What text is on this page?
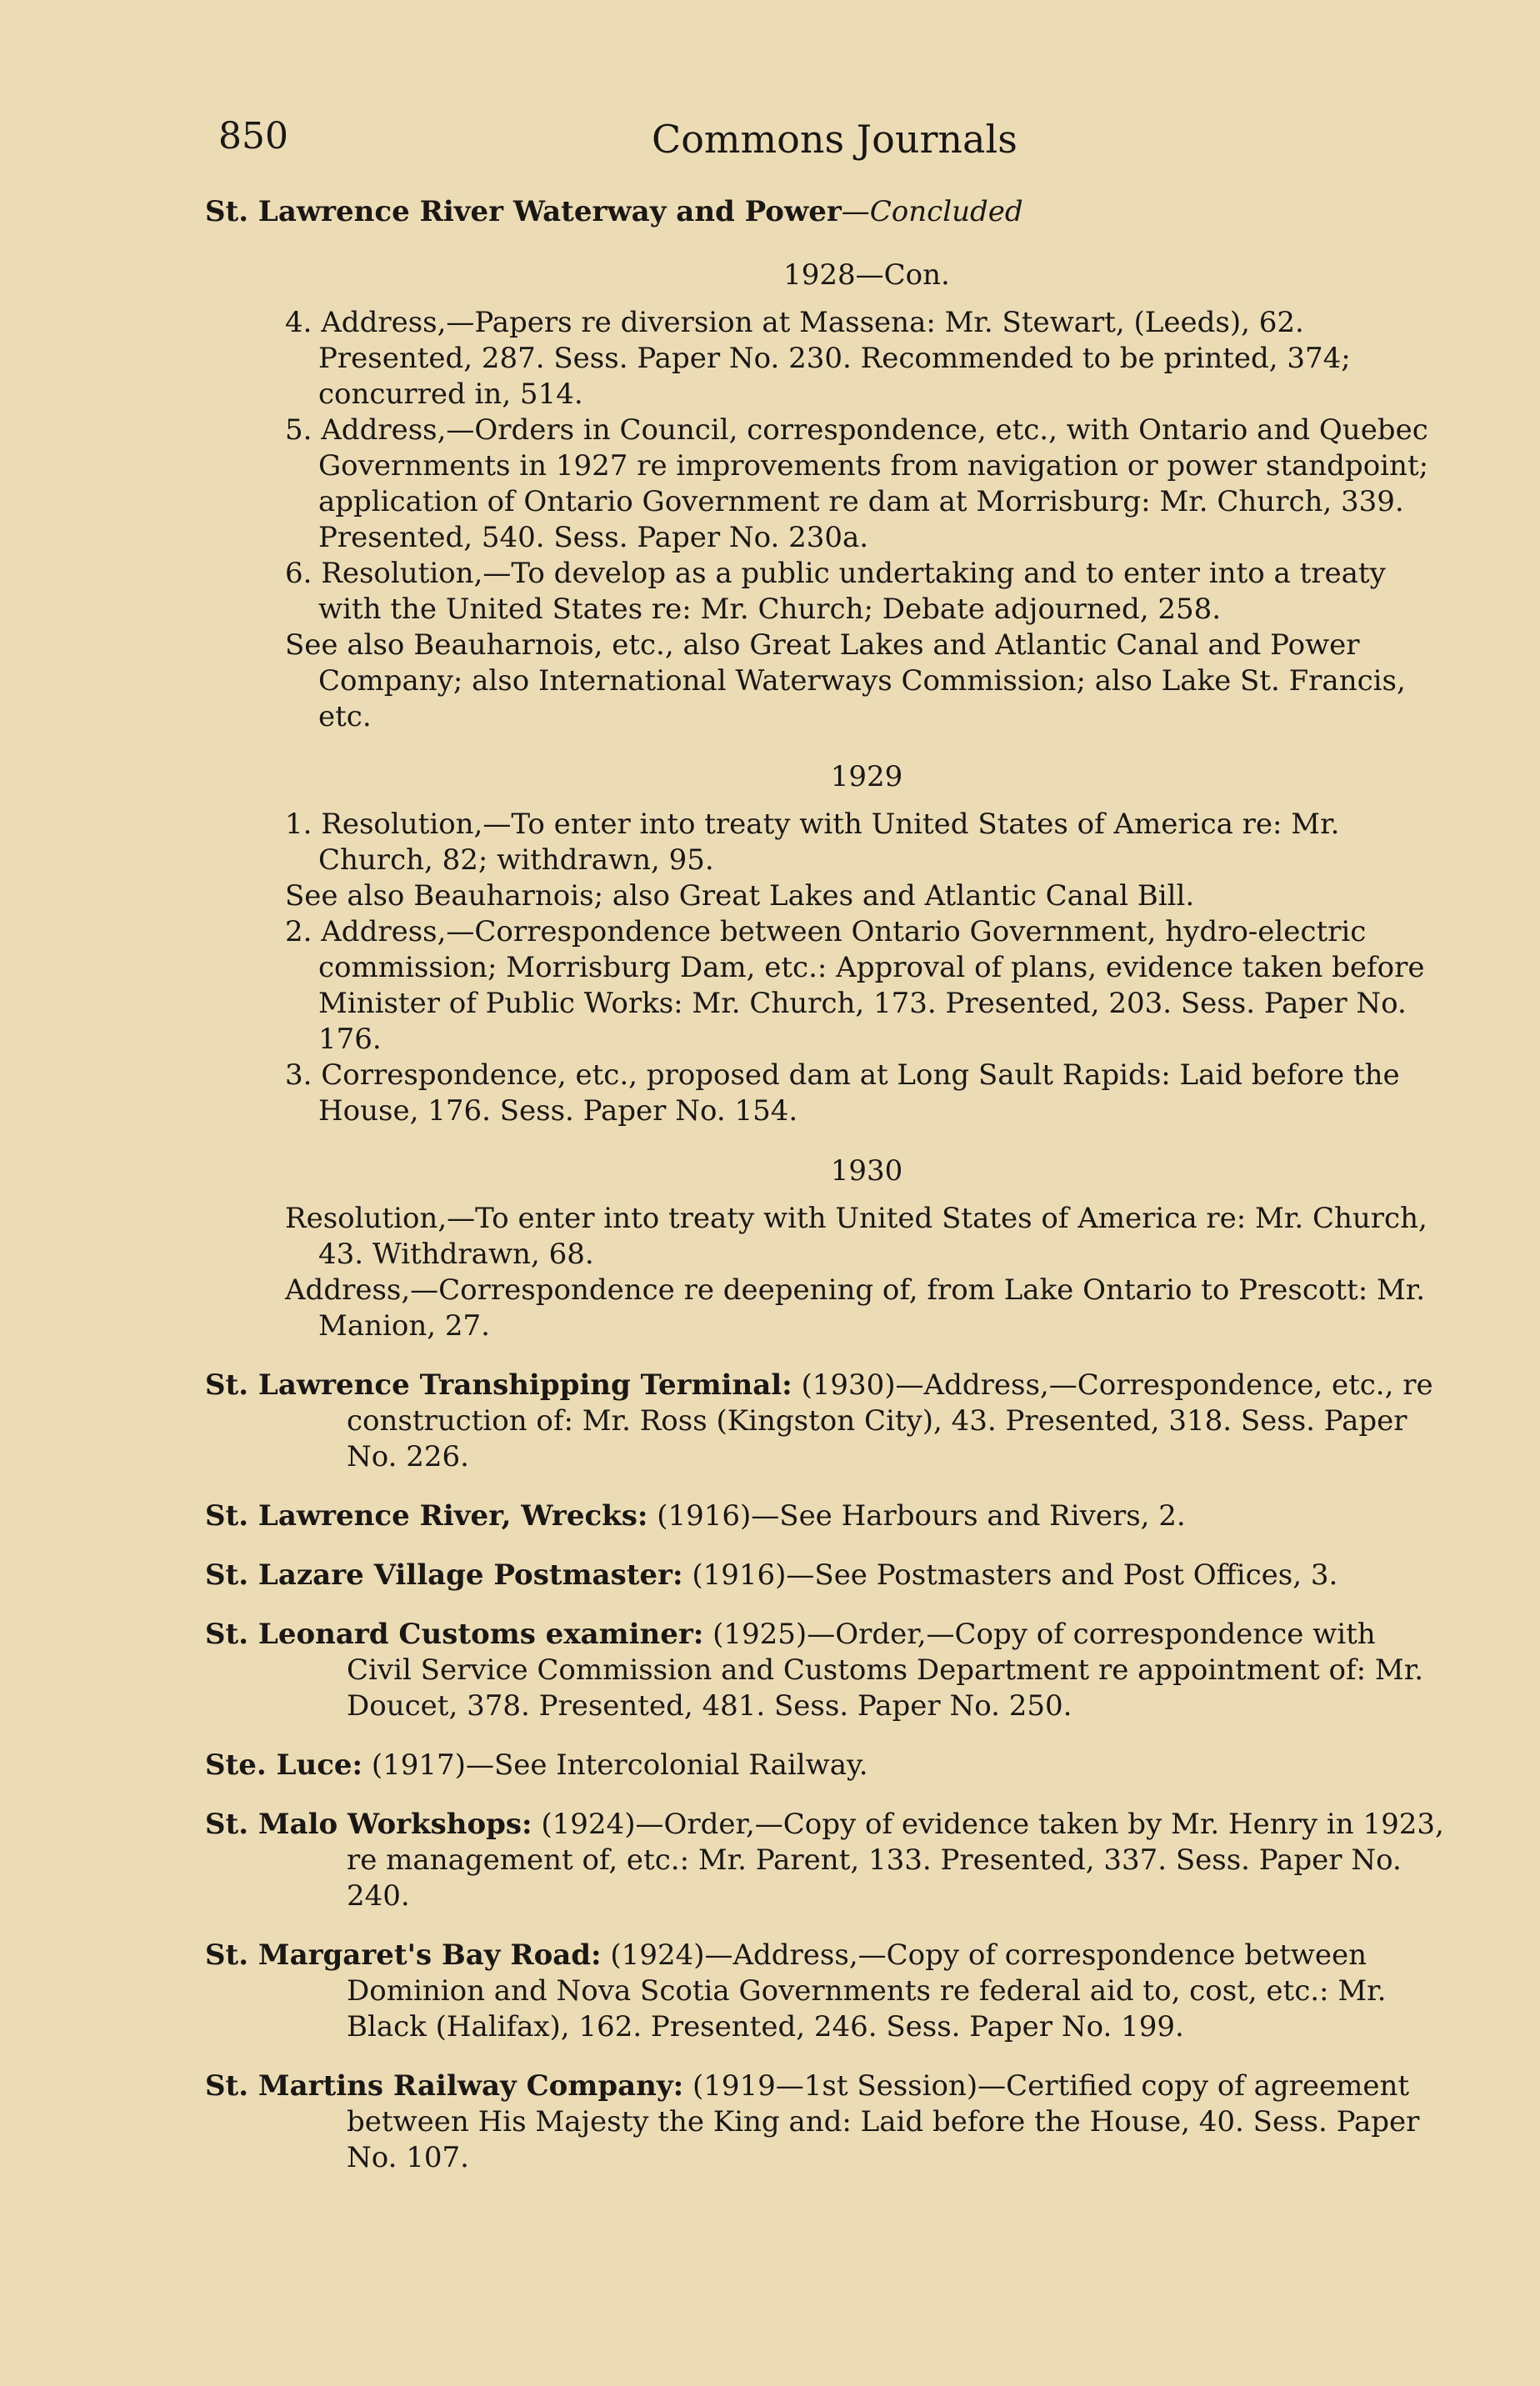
850	Commons Journals

St. Lawrence River Waterway and Power—Concluded

1928—Con.

4. Address,—Papers re diversion at Massena: Mr. Stewart, (Leeds), 62. Presented, 287. Sess. Paper No. 230. Recommended to be printed, 374; concurred in, 514.

5. Address,—Orders in Council, correspondence, etc., with Ontario and Quebec Governments in 1927 re improvements from navigation or power standpoint; application of Ontario Government re dam at Morrisburg: Mr. Church, 339. Presented, 540. Sess. Paper No. 230a.

6. Resolution,—To develop as a public undertaking and to enter into a treaty with the United States re: Mr. Church; Debate adjourned, 258.

See also Beauharnois, etc., also Great Lakes and Atlantic Canal and Power Company; also International Waterways Commission; also Lake St. Francis, etc.

1929

1. Resolution,—To enter into treaty with United States of America re: Mr. Church, 82; withdrawn, 95.

See also Beauharnois; also Great Lakes and Atlantic Canal Bill.

2. Address,—Correspondence between Ontario Government, hydro-electric commission; Morrisburg Dam, etc.: Approval of plans, evidence taken before Minister of Public Works: Mr. Church, 173. Presented, 203. Sess. Paper No. 176.

3. Correspondence, etc., proposed dam at Long Sault Rapids: Laid before the House, 176. Sess. Paper No. 154.

1930

Resolution,—To enter into treaty with United States of America re: Mr. Church, 43. Withdrawn, 68.

Address,—Correspondence re deepening of, from Lake Ontario to Prescott: Mr. Manion, 27.

St. Lawrence Transhipping Terminal: (1930)—Address,—Correspondence, etc., re construction of: Mr. Ross (Kingston City), 43. Presented, 318. Sess. Paper No. 226.

St. Lawrence River, Wrecks: (1916)—See Harbours and Rivers, 2.

St. Lazare Village Postmaster: (1916)—See Postmasters and Post Offices, 3.

St. Leonard Customs examiner: (1925)—Order,—Copy of correspondence with Civil Service Commission and Customs Department re appointment of: Mr. Doucet, 378. Presented, 481. Sess. Paper No. 250.

Ste. Luce: (1917)—See Intercolonial Railway.

St. Malo Workshops: (1924)—Order,—Copy of evidence taken by Mr. Henry in 1923, re management of, etc.: Mr. Parent, 133. Presented, 337. Sess. Paper No. 240.

St. Margaret's Bay Road: (1924)—Address,—Copy of correspondence between Dominion and Nova Scotia Governments re federal aid to, cost, etc.: Mr. Black (Halifax), 162. Presented, 246. Sess. Paper No. 199.

St. Martins Railway Company: (1919—1st Session)—Certified copy of agreement between His Majesty the King and: Laid before the House, 40. Sess. Paper No. 107.
